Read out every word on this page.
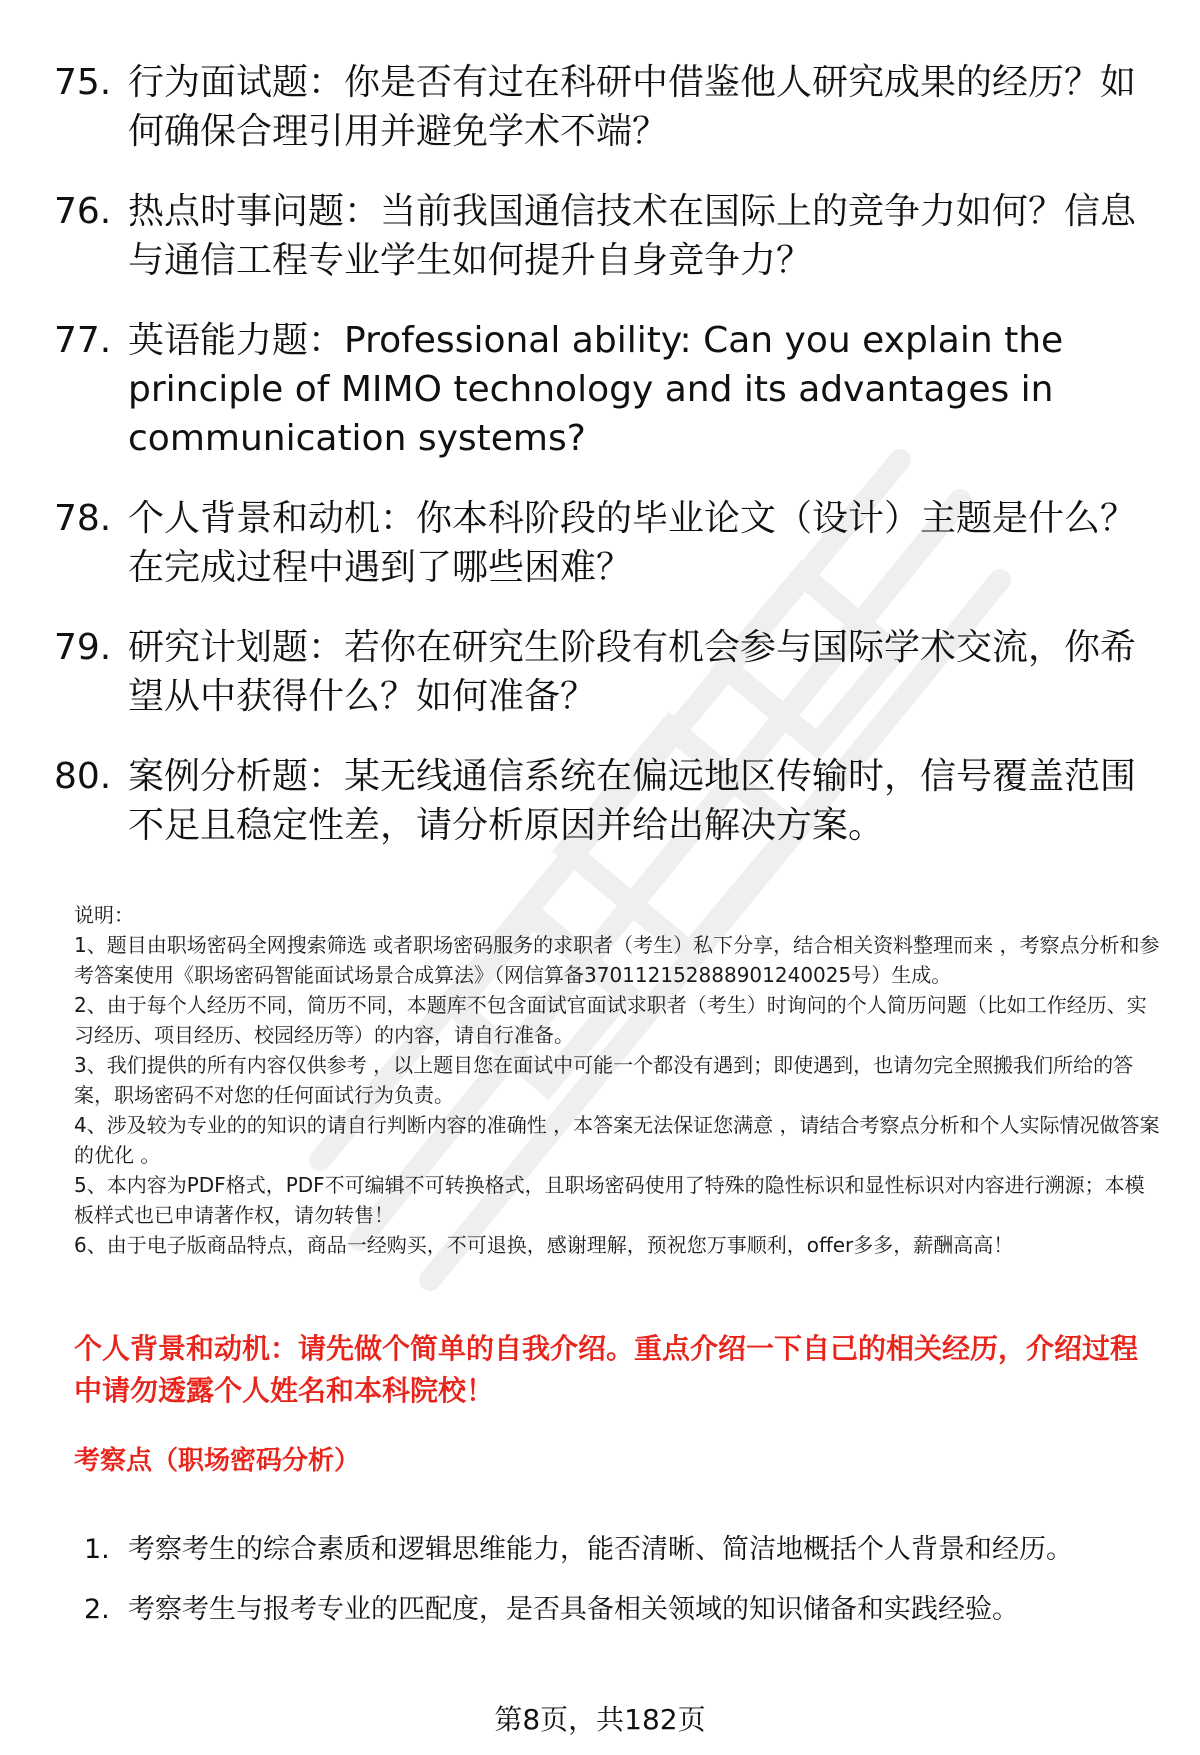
75. 行为面试题：你是否有过在科研中借鉴他人研究成果的经历？如何确保合理引用并避免学术不端？
76. 热点时事问题：当前我国通信技术在国际上的竞争力如何？信息与通信工程专业学生如何提升自身竞争力？
77. 英语能力题：Professional ability: Can you explain the principle of MIMO technology and its advantages in communication systems?
78. 个人背景和动机：你本科阶段的毕业论文（设计）主题是什么？在完成过程中遇到了哪些困难？
79. 研究计划题：若你在研究生阶段有机会参与国际学术交流，你希望从中获得什么？如何准备？
80. 案例分析题：某无线通信系统在偏远地区传输时，信号覆盖范围不足且稳定性差，请分析原因并给出解决方案。

说明：

1、题目由职场密码全网搜索筛选 或者职场密码服务的求职者（考生）私下分享，结合相关资料整理而来 ，考察点分析和参考答案使用《职场密码智能面试场景合成算法》（网信算备370112152888901240025号）生成。

2、由于每个人经历不同，简历不同，本题库不包含面试官面试求职者（考生）时询问的个人简历问题（比如工作经历、实习经历、项目经历、校园经历等）的内容，请自行准备。

3、我们提供的所有内容仅供参考 ，以上题目您在面试中可能一个都没有遇到；即使遇到，也请勿完全照搬我们所给的答案，职场密码不对您的任何面试行为负责。

4、涉及较为专业的的知识的请自行判断内容的准确性 ，本答案无法保证您满意 ，请结合考察点分析和个人实际情况做答案的优化 。

5、本内容为PDF格式，PDF不可编辑不可转换格式，且职场密码使用了特殊的隐性标识和显性标识对内容进行溯源；本模板样式也已申请著作权，请勿转售！

6、由于电子版商品特点，商品一经购买，不可退换，感谢理解，预祝您万事顺利，offer多多，薪酬高高！

个人背景和动机：请先做个简单的自我介绍。重点介绍一下自己的相关经历，介绍过程中请勿透露个人姓名和本科院校！

考察点（职场密码分析）

1. 考察考生的综合素质和逻辑思维能力，能否清晰、简洁地概括个人背景和经历。
2. 考察考生与报考专业的匹配度，是否具备相关领域的知识储备和实践经验。
第8页，共182页
